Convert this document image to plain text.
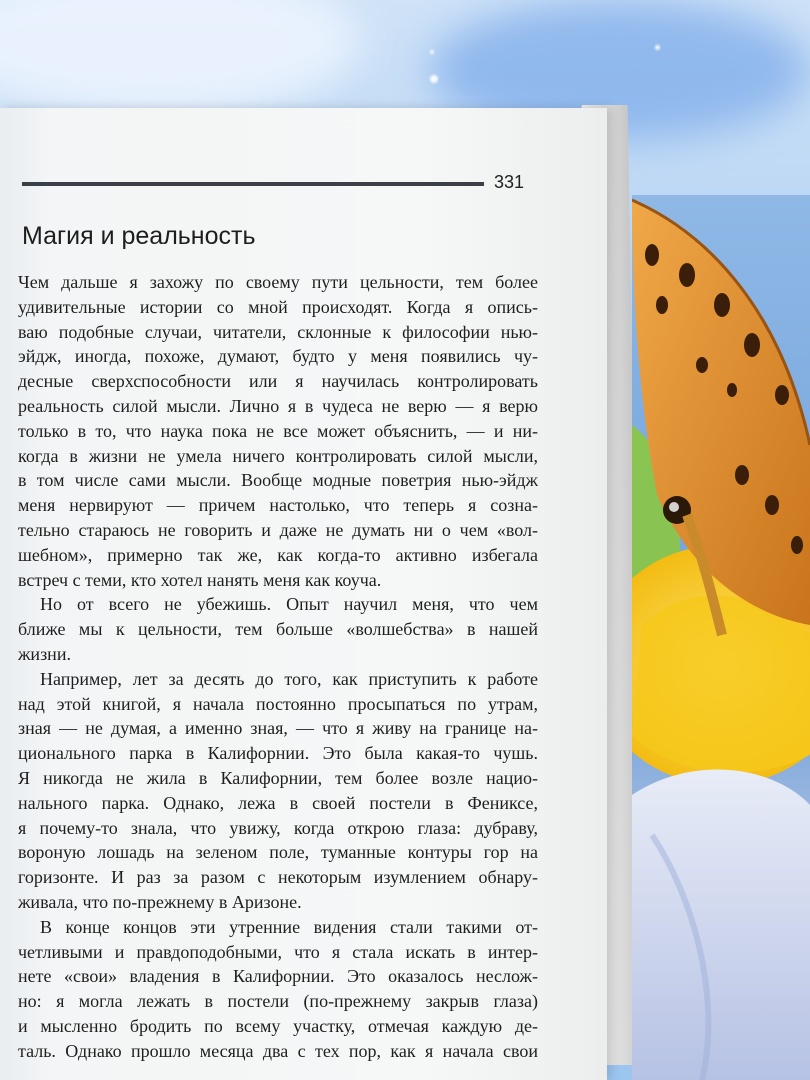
331
Магия и реальность
Чем дальше я захожу по своему пути цельности, тем более
удивительные истории со мной происходят. Когда я опись-
ваю подобные случаи, читатели, склонные к философии нью-
эйдж, иногда, похоже, думают, будто у меня появились чу-
десные сверхспособности или я научилась контролировать
реальность силой мысли. Лично я в чудеса не верю — я верю
только в то, что наука пока не все может объяснить, — и ни-
когда в жизни не умела ничего контролировать силой мысли,
в том числе сами мысли. Вообще модные поветрия нью-эйдж
меня нервируют — причем настолько, что теперь я созна-
тельно стараюсь не говорить и даже не думать ни о чем «вол-
шебном», примерно так же, как когда-то активно избегала
встреч с теми, кто хотел нанять меня как коуча.
Но от всего не убежишь. Опыт научил меня, что чем
ближе мы к цельности, тем больше «волшебства» в нашей
жизни.
Например, лет за десять до того, как приступить к работе
над этой книгой, я начала постоянно просыпаться по утрам,
зная — не думая, а именно зная, — что я живу на границе на-
ционального парка в Калифорнии. Это была какая-то чушь.
Я никогда не жила в Калифорнии, тем более возле нацио-
нального парка. Однако, лежа в своей постели в Фениксе,
я почему-то знала, что увижу, когда открою глаза: дубраву,
вороную лошадь на зеленом поле, туманные контуры гор на
горизонте. И раз за разом с некоторым изумлением обнару-
живала, что по-прежнему в Аризоне.
В конце концов эти утренние видения стали такими от-
четливыми и правдоподобными, что я стала искать в интер-
нете «свои» владения в Калифорнии. Это оказалось неслож-
но: я могла лежать в постели (по-прежнему закрыв глаза)
и мысленно бродить по всему участку, отмечая каждую де-
таль. Однако прошло месяца два с тех пор, как я начала свои
